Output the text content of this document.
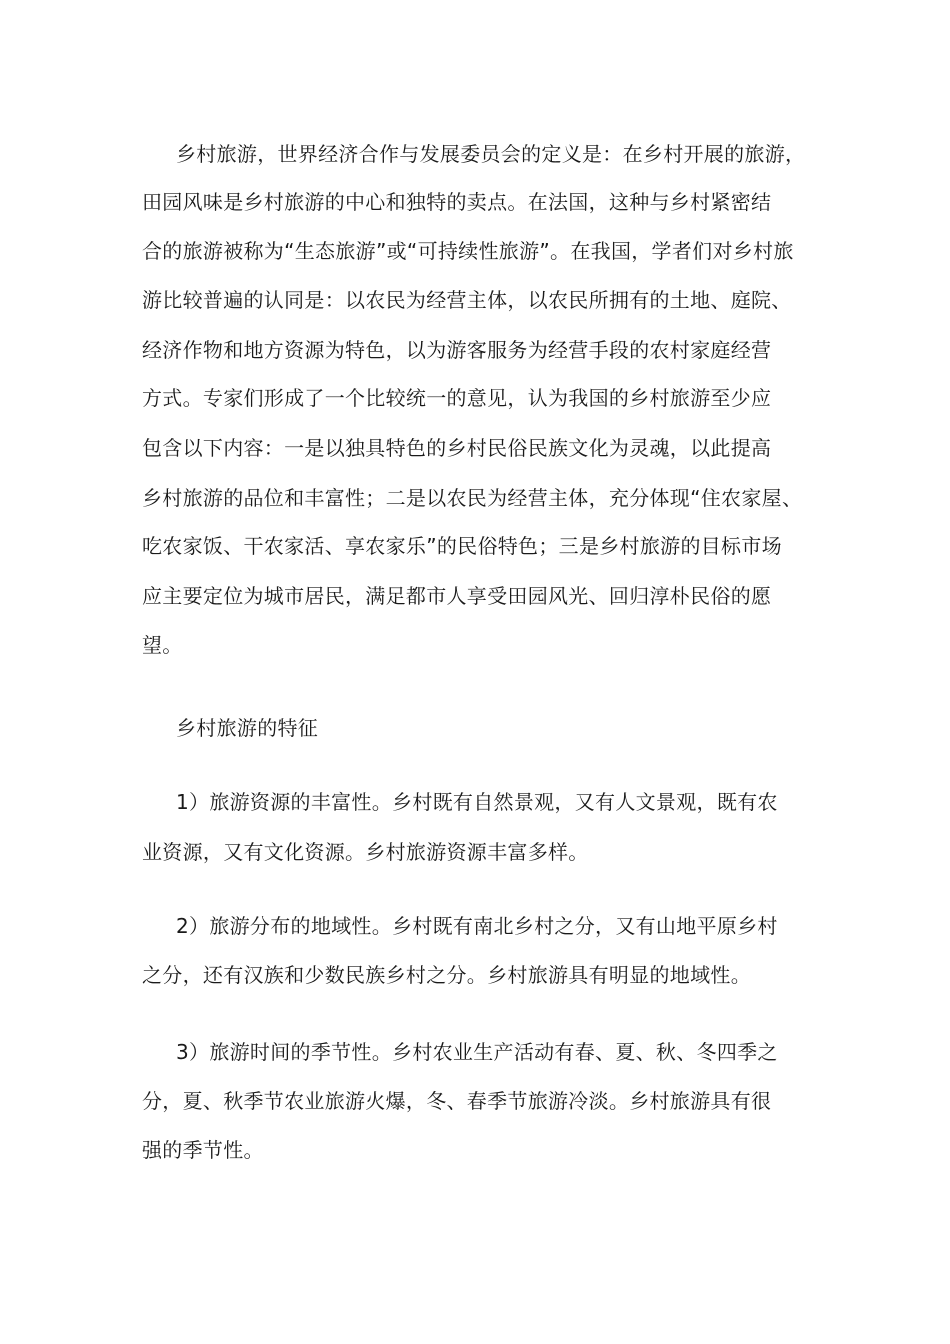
乡村旅游，世界经济合作与发展委员会的定义是：在乡村开展的旅游，
田园风味是乡村旅游的中心和独特的卖点。在法国，这种与乡村紧密结
合的旅游被称为“生态旅游”或“可持续性旅游”。在我国，学者们对乡村旅
游比较普遍的认同是：以农民为经营主体，以农民所拥有的土地、庭院、
经济作物和地方资源为特色，以为游客服务为经营手段的农村家庭经营
方式。专家们形成了一个比较统一的意见，认为我国的乡村旅游至少应
包含以下内容：一是以独具特色的乡村民俗民族文化为灵魂，以此提高
乡村旅游的品位和丰富性；二是以农民为经营主体，充分体现“住农家屋、
吃农家饭、干农家活、享农家乐”的民俗特色；三是乡村旅游的目标市场
应主要定位为城市居民，满足都市人享受田园风光、回归淳朴民俗的愿
望。
乡村旅游的特征
1）旅游资源的丰富性。乡村既有自然景观，又有人文景观，既有农
业资源，又有文化资源。乡村旅游资源丰富多样。
2）旅游分布的地域性。乡村既有南北乡村之分，又有山地平原乡村
之分，还有汉族和少数民族乡村之分。乡村旅游具有明显的地域性。
3）旅游时间的季节性。乡村农业生产活动有春、夏、秋、冬四季之
分，夏、秋季节农业旅游火爆，冬、春季节旅游冷淡。乡村旅游具有很
强的季节性。
